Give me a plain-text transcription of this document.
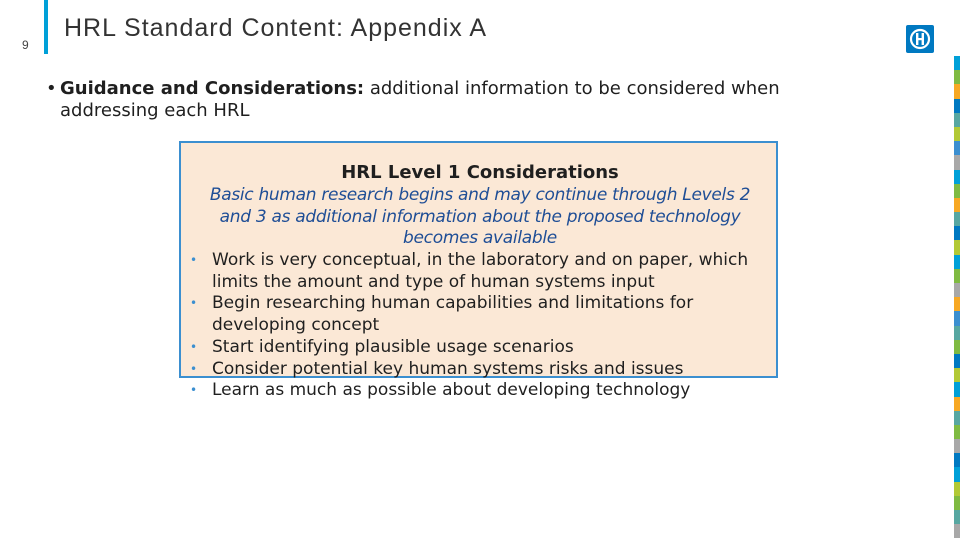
9
HRL Standard Content: Appendix A
• Guidance and Considerations: additional information to be considered when addressing each HRL
HRL Level 1 Considerations
Basic human research begins and may continue through Levels 2 and 3 as additional information about the proposed technology becomes available
• Work is very conceptual, in the laboratory and on paper, which limits the amount and type of human systems input
• Begin researching human capabilities and limitations for developing concept
• Start identifying plausible usage scenarios
• Consider potential key human systems risks and issues
• Learn as much as possible about developing technology
